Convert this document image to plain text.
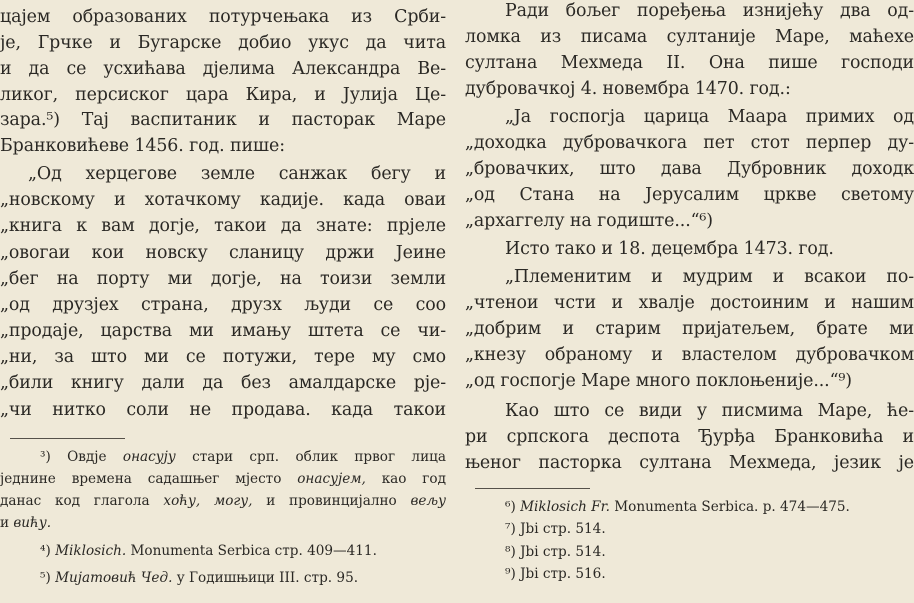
цајем образованих потурчењака из Срби-
је, Грчке и Бугарске добио укус да чита
и да се усхићава дјелима Александра Ве-
ликог, персиског цара Кира, и Јулија Це-
зара.⁵) Тај васпитаник и пасторак Маре
Бранковићеве 1456. год. пише:
„Од херцегове земле санжак бегу и
„новскому и хотачкому кадије. када оваи
„книга к вам догје, такои да знате: прјеле
„овогаи кои новску сланицу држи Јеине
„бег на порту ми догје, на тоизи земли
„од друзјех страна, друзх људи се соо
„продаје, царства ми имању штета се чи-
„ни, за што ми се потужи, тере му смо
„били книгу дали да без амалдарске рје-
„чи нитко соли не продава. када такои
³) Овдје онасују стари срп. облик првог лица
једнине времена садашњег мјесто онасујем, као год
данас код глагола хоћу, могу, и провинцијално вељу
и вићу.
⁴) Miklosich. Monumenta Serbica стр. 409—411.
⁵) Мијатовић Чед. у Годишњици III. стр. 95.
Ради бољег поређења изнијећу два од-
ломка из писама султаније Маре, маћехе
султана Мехмеда II. Она пише господи
дубровачкој 4. новембра 1470. год.:
„Ја госпогја царица Маара примих од
„доходка дубровачкога пет стот перпер ду-
„бровачких, што дава Дубровник доходк
„од Стана на Јерусалим цркве светому
„архаггелу на годиште...“⁶)
Исто тако и 18. децембра 1473. год.
„Племенитим и мудрим и всакои по-
„чтенои чсти и хвалје достоиним и нашим
„добрим и старим пријатељем, брате ми
„кнезу обраному и властелом дубровачком
„од госпогје Маре много поклоњеније...“⁹)
Као што се види у писмима Маре, ће-
ри српскога деспота Ђурђа Бранковића и
њеног пасторка султана Мехмеда, језик је
⁶) Miklosich Fr. Monumenta Serbica. p. 474—475.
⁷) Јbi стр. 514.
⁸) Јbi стр. 514.
⁹) Јbi стр. 516.
